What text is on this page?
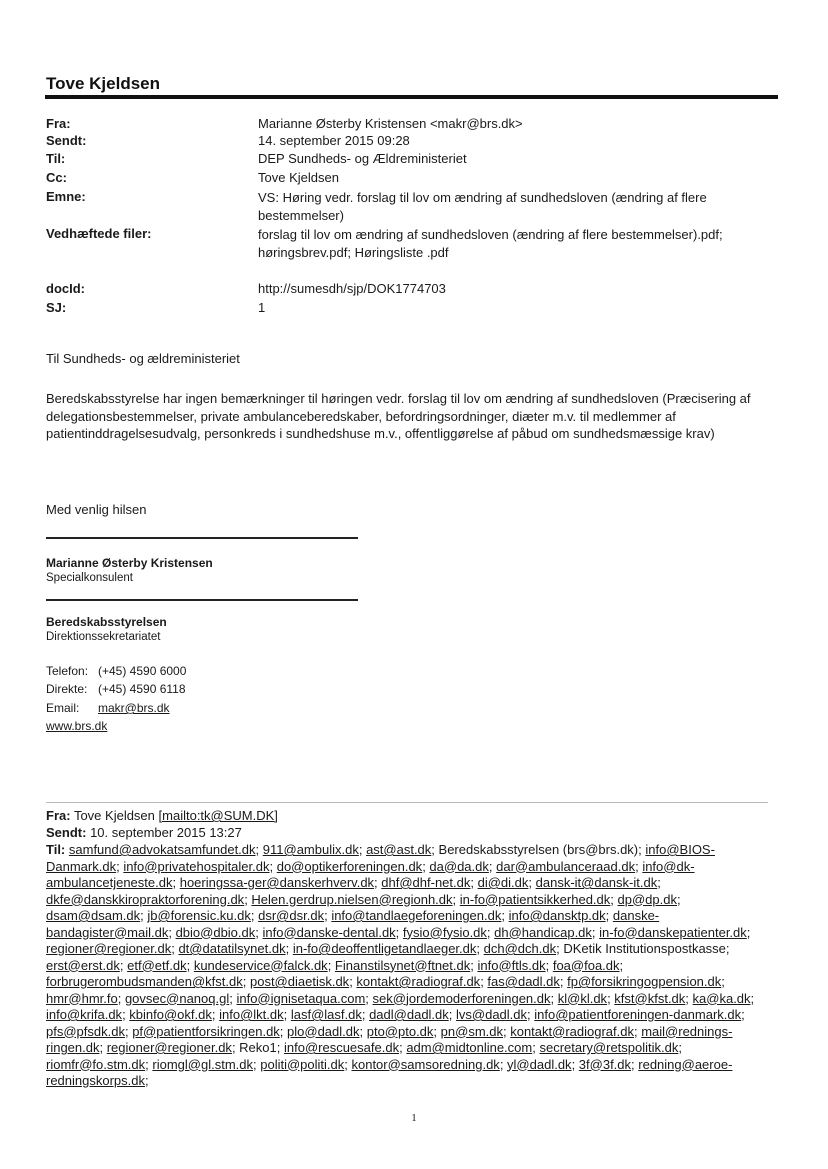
Tove Kjeldsen
Fra:	Marianne Østerby Kristensen <makr@brs.dk>
Sendt:	14. september 2015 09:28
Til:	DEP Sundheds- og Ældreministeriet
Cc:	Tove Kjeldsen
Emne:	VS: Høring vedr. forslag til lov om ændring af sundhedsloven (ændring af flere bestemmelser)
Vedhæftede filer:	forslag til lov om ændring af sundhedsloven (ændring af flere bestemmelser).pdf; høringsbrev.pdf; Høringsliste .pdf
docId:	http://sumesdh/sjp/DOK1774703
SJ:	1
Til Sundheds- og ældreministeriet
Beredskabsstyrelse har ingen bemærkninger til høringen vedr. forslag til lov om ændring af sundhedsloven (Præcisering af delegationsbestemmelser, private ambulanceberedskaber, befordringsordninger, diæter m.v. til medlemmer af patientinddragelsesudvalg, personkreds i sundhedshuse m.v., offentliggørelse af påbud om sundhedsmæssige krav)
Med venlig hilsen
Marianne Østerby Kristensen
Specialkonsulent
Beredskabsstyrelsen
Direktionssekretariatet
Telefon: (+45) 4590 6000
Direkte: (+45) 4590 6118
Email: makr@brs.dk
www.brs.dk
Fra: Tove Kjeldsen [mailto:tk@SUM.DK]
Sendt: 10. september 2015 13:27
Til: samfund@advokatsamfundet.dk; 911@ambulix.dk; ast@ast.dk; Beredskabsstyrelsen (brs@brs.dk); info@BIOS-Danmark.dk; info@privatehospitaler.dk; do@optikerforeningen.dk; da@da.dk; dar@ambulanceraad.dk; info@dk-ambulancetjeneste.dk; hoeringssa-ger@danskerhverv.dk; dhf@dhf-net.dk; di@di.dk; dansk-it@dansk-it.dk; dkfe@danskkiropraktorforening.dk; Helen.gerdrup.nielsen@regionh.dk; in-fo@patientsikkerhed.dk; dp@dp.dk; dsam@dsam.dk; jb@forensic.ku.dk; dsr@dsr.dk; info@tandlaegeforeningen.dk; info@dansktp.dk; danske-bandagister@mail.dk; dbio@dbio.dk; info@danske-dental.dk; fysio@fysio.dk; dh@handicap.dk; in-fo@danskepatienter.dk; regioner@regioner.dk; dt@datatilsynet.dk; in-fo@deoffentligetandlaeger.dk; dch@dch.dk; DKetik Institutionspostkasse; erst@erst.dk; etf@etf.dk; kundeservice@falck.dk; Finanstilsynet@ftnet.dk; info@ftls.dk; foa@foa.dk; forbrugerombudsmanden@kfst.dk; post@diaetisk.dk; kontakt@radiograf.dk; fas@dadl.dk; fp@forsikringogpension.dk; hmr@hmr.fo; govsec@nanoq.gl; info@ignisetaqua.com; sek@jordemoderforeningen.dk; kl@kl.dk; kfst@kfst.dk; ka@ka.dk; info@krifa.dk; kbinfo@okf.dk; info@lkt.dk; lasf@lasf.dk; dadl@dadl.dk; lvs@dadl.dk; info@patientforeningen-danmark.dk; pfs@pfsdk.dk; pf@patientforsikringen.dk; plo@dadl.dk; pto@pto.dk; pn@sm.dk; kontakt@radiograf.dk; mail@rednings-ringen.dk; regioner@regioner.dk; Reko1; info@rescuesafe.dk; adm@midtonline.com; secretary@retspolitik.dk; riomfr@fo.stm.dk; riomgl@gl.stm.dk; politi@politi.dk; kontor@samsoredning.dk; yl@dadl.dk; 3f@3f.dk; redning@aeroe-redningskorps.dk;
1
